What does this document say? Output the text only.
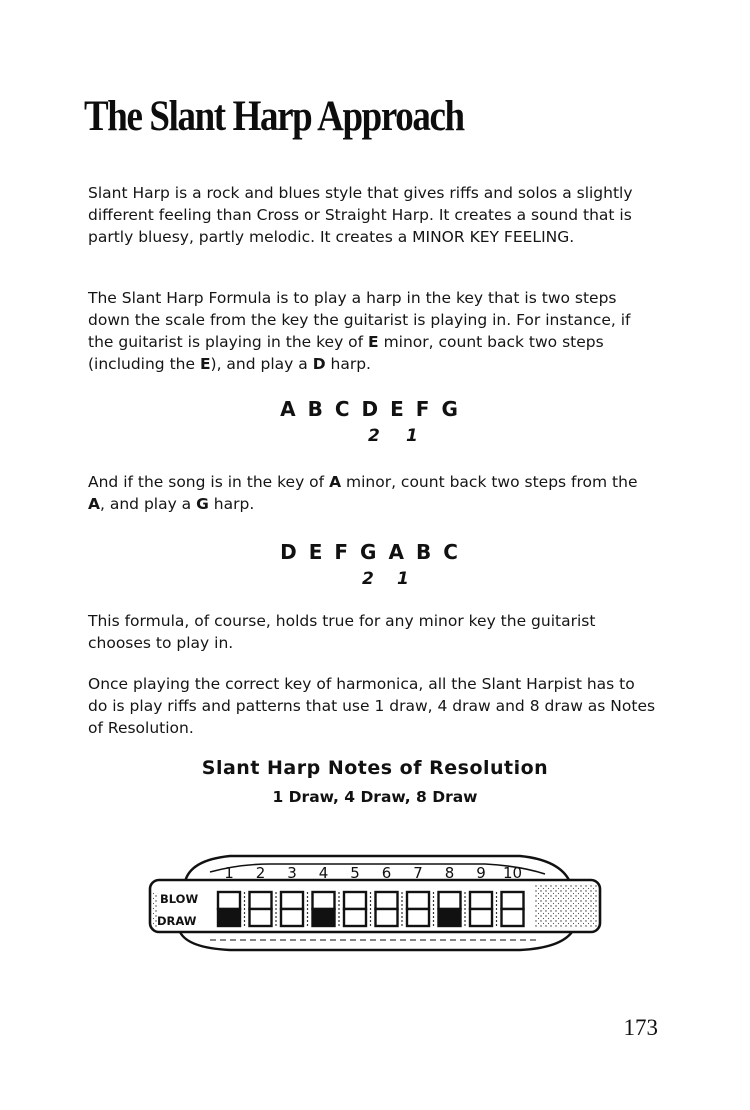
The Slant Harp Approach

Slant Harp is a rock and blues style that gives riffs and solos a slightly different feeling than Cross or Straight Harp. It creates a sound that is partly bluesy, partly melodic. It creates a MINOR KEY FEELING.

The Slant Harp Formula is to play a harp in the key that is two steps down the scale from the key the guitarist is playing in. For instance, if the guitarist is playing in the key of E minor, count back two steps (including the E), and play a D harp.

ABCDEFG
2 1

And if the song is in the key of A minor, count back two steps from the A, and play a G harp.

DEFGABC
2 1

This formula, of course, holds true for any minor key the guitarist chooses to play in.

Once playing the correct key of harmonica, all the Slant Harpist has to do is play riffs and patterns that use 1 draw, 4 draw and 8 draw as Notes of Resolution.

Slant Harp Notes of Resolution
1 Draw, 4 Draw, 8 Draw
BLOW
DRAW
1 2 3 4 5 6 7 8 9 10
173
